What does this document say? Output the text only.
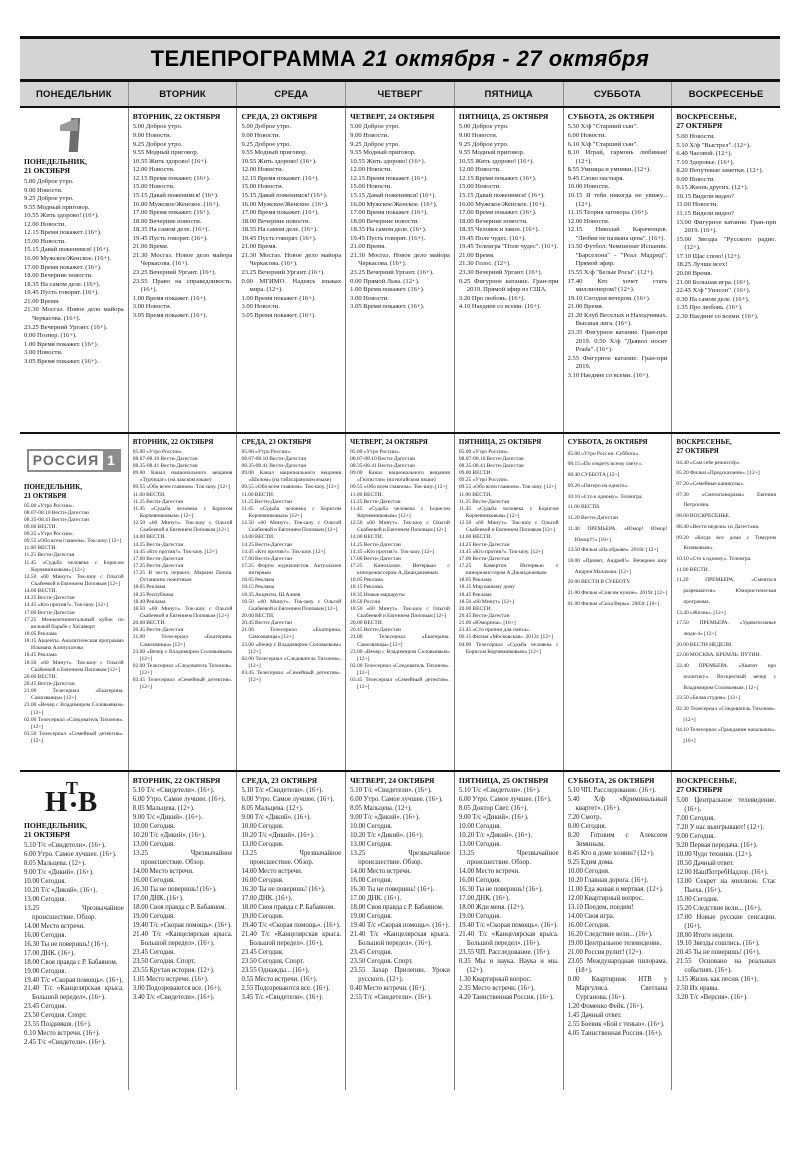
ТЕЛЕПРОГРАММА 21 октября - 27 октября
ПОНЕДЕЛЬНИК	ВТОРНИК	СРЕДА	ЧЕТВЕРГ	ПЯТНИЦА	СУББОТА	ВОСКРЕСЕНЬЕ
ПОНЕДЕЛЬНИК,
21 ОКТЯБРЯ
5.00 Доброе утро.
9.00 Новости.
9.25 Доброе утро.
9.55 Модный приговор.
10.55 Жить здорово! (16+).
12.00 Новости.
12.15 Время покажет. (16+).
15.00 Новости.
15.15 Давай поженимся! (16+).
16.00 Мужское/Женское. (16+).
17.00 Время покажет. (16+).
18.00 Вечерние новости.
18.35 На самом деле. (16+).
19.45 Пусть говорят. (16+).
21.00 Время.
21.30 Мосгаз. Новое дело майора Черкасова. (16+).
23.25 Вечерний Ургант. (16+).
0.00 Познер. (16+).
1.00 Время покажет. (16+).
3.00 Новости.
3.05 Время покажет. (16+).
ВТОРНИК, 22 ОКТЯБРЯ
5.00 Доброе утро.
9.00 Новости.
9.25 Доброе утро.
9.55 Модный приговор.
10.55 Жить здорово! (16+).
12.00 Новости.
12.15 Время покажет. (16+).
15.00 Новости.
15.15 Давай поженимся! (16+).
16.00 Мужское/Женское. (16+).
17.00 Время покажет. (16+).
18.00 Вечерние новости.
18.35 На самом деле. (16+).
19.45 Пусть говорят. (16+).
21.00 Время.
21.30 Мосгаз. Новое дело майора Черкасова. (16+).
23.25 Вечерний Ургант. (16+).
23.55 Право на справедливость. (16+).
1.00 Время покажет. (16+).
3.00 Новости.
3.05 Время покажет. (16+).
СРЕДА, 23 ОКТЯБРЯ
5.00 Доброе утро.
9.00 Новости.
9.25 Доброе утро.
9.55 Модный приговор.
10.55 Жить здорово! (16+).
12.00 Новости.
12.15 Время покажет. (16+).
15.00 Новости.
15.15 Давай поженимся! (16+).
16.00 Мужское/Женское. (16+).
17.00 Время покажет. (16+).
18.00 Вечерние новости.
18.35 На самом деле. (16+).
19.45 Пусть говорят. (16+).
21.00 Время.
21.30 Мосгаз. Новое дело майора Черкасова. (16+).
23.25 Вечерний Ургант. (16+).
0.00 МГИМО. Надеясь языках мира. (12+).
1.00 Время покажет. (16+).
3.00 Новости.
3.05 Время покажет. (16+).
ЧЕТВЕРГ, 24 ОКТЯБРЯ
5.00 Доброе утро.
9.00 Новости.
9.25 Доброе утро.
9.55 Модный приговор.
10.55 Жить здорово! (16+).
12.00 Новости.
12.15 Время покажет. (16+).
15.00 Новости.
15.15 Давай поженимся! (16+).
16.00 Мужское/Женское. (16+).
17.00 Время покажет. (16+).
18.00 Вечерние новости.
18.35 На самом деле. (16+).
19.45 Пусть говорят. (16+).
21.00 Время.
21.30 Мосгаз. Новое дело майора Черкасова. (16+).
23.25 Вечерний Ургант. (16+).
0.00 Прямой Льва. (12+).
1.00 Время покажет. (16+).
3.00 Новости.
3.05 Время покажет. (16+).
ПЯТНИЦА, 25 ОКТЯБРЯ
5.00 Доброе утро.
9.00 Новости.
9.25 Доброе утро.
9.55 Модный приговор.
10.55 Жить здорово! (16+).
12.00 Новости.
12.15 Время покажет. (16+).
15.00 Новости.
15.15 Давай поженимся! (16+).
16.00 Мужское/Женское. (16+).
17.00 Время покажет. (16+).
18.00 Вечерние новости.
18.35 Человек и закон. (16+).
19.45 Поле чудес. (16+).
19.45 Телеигра "Поле чудес". (16+).
21.00 Время.
21.30 Голос. (12+).
23.30 Вечерний Ургант. (16+).
0.25 Фигурное катание. Гран-при 2019. Прямой эфир из США.
3.20 Про любовь. (16+).
4.10 Наедине со всеми. (16+).
СУББОТА, 26 ОКТЯБРЯ
5.30 Х/ф "Старший сын".
6.00 Новости.
6.10 Х/ф "Старший сын".
8.10 Играй, гармонь любимая! (12+).
8.55 Умницы и умники. (12+).
9.45 Слово пастыря.
10.00 Новости.
10.15 Я тебя никогда не увижу... (12+).
11.15 Теория заговора. (16+).
12.00 Новости.
12.15 Николай Караченцов. "Любви не названа цена". (16+).
13.50 Футбол. Чемпионат Испании. "Барселона" - "Реал Мадрид". Прямой эфир.
15.55 Х/ф "Белые Росы". (12+).
17.40 Кто хочет стать миллионером? (12+).
19.10 Сегодня вечером. (16+).
21.00 Время.
21.20 Клуб Веселых и Находчивых. Высшая лига. (16+).
23.35 Фигурное катание. Гран-при 2019. 0.50 Х/ф "Дьявол носит Prada". (16+).
2.55 Фигурное катание. Гран-при 2019.
3.10 Наедине со всеми. (16+).
ВОСКРЕСЕНЬЕ,
27 ОКТЯБРЯ
5.00 Новости.
5.10 Х/ф "Выстрел". (12+).
6.40 Часовой. (12+).
7.10 Здоровье. (16+).
8.20 Непутевые заметки. (12+).
9.00 Новости.
9.15 Жизнь других. (12+).
10.15 Видели видео?
11.00 Новости.
11.15 Видели видео?
13.00 Фигурное катание. Гран-при 2019. (16+).
15.00 Звезды "Русского радио. (12+).
17.10 Щас спою! (12+).
18.25 Лучше всех!
20.00 Время.
21.00 Большая игра. (16+).
22.45 Х/ф "Уилсон". (16+).
0.30 На самом деле. (16+).
1.35 Про любовь. (16+).
2.30 Наедине со всеми. (16+).
РОССИЯ 1
ПОНЕДЕЛЬНИК,
21 ОКТЯБРЯ
05.00 «Утро России».
08.07-08.10 Вести-Дагестан
08.35-08.41 Вести-Дагестан
09.00 ВЕСТИ.
09.25 «Утро России».
09.55 «Обо всем главном». Ток-шоу. [12+]
11.00 ВЕСТИ.
11.25 Вести-Дагестан
11.45 «Судьба человека с Борисом Корчевниковым» [12+]
12.50 «60 Минут». Ток-шоу с Ольгой Скабеевой и Евгением Поповым [12+]
14.00 ВЕСТИ.
14.25 Вести-Дагестан
14.45 «Кто против?». Ток-шоу. [12+]
17.00 Вести-Дагестан
17.25 Межконтинентальный кубок по вольной борьбе с Хасавюрт
18.05 Реклама
18.15 Акценты. Аналитическая программа Ильмана Алипулатова
18.45 Реклама
18.50 «60 Минут». Ток-шоу с Ольгой Скабеевой и Евгением Поповым [12+]
20.00 ВЕСТИ.
20.45 Вести-Дагестан
21.00 Телесериал «Екатерина. Самозванцы» [12+]
23.00 «Вечер с Владимиром Соловьевым» [12+]
02.00 Телесериал «Следователь Тихонов». [12+]
03.50 Телесериал «Семейный детектив». [12+]
ВТОРНИК, 22 ОКТЯБРЯ
05.00 «Утро России».
08.07-08.10 Вести-Дагестан
08.35-08.41 Вести-Дагестан
09.00 Канал национального вещания «Турчидаг» (на лакском языке)
09.55 «Обо всем главном». Ток-шоу. [12+]
11.00 ВЕСТИ.
11.25 Вести-Дагестан
11.45 «Судьба человека с Борисом Корчевниковым» [12+]
12.50 «60 Минут». Ток-шоу с Ольгой Скабеевой и Евгением Поповым [12+]
14.00 ВЕСТИ.
14.25 Вести-Дагестан
14.45 «Кто против?». Ток-шоу. [12+]
17.00 Вести-Дагестан
17.25 Вести-Дагестан
17.25 В честь первого. Маркин Попов. Останкино сюжетным
18.05 Реклама
18.25 Республика
18.40 Реклама
18.50 «60 Минут». Ток-шоу с Ольгой Скабеевой и Евгением Поповым [12+]
20.00 ВЕСТИ.
20.45 Вести-Дагестан
21.00 Телесериал «Екатерина. Самозванцы» [12+]
23.00 «Вечер с Владимиром Соловьевым» [12+]
02.00 Телесериал «Следователь Тихонов». [12+]
03.45 Телесериал «Семейный детектив». [12+]
СРЕДА, 23 ОКТЯБРЯ
05.00 «Утро России».
08.07-08.10 Вести-Дагестан
08.35-08.41 Вести-Дагестан
09.00 Канал национального вещания «Шолом» (на табасаранском языке)
09.55 «Обо всем главном». Ток-шоу. [12+]
11.00 ВЕСТИ.
11.25 Вести-Дагестан
11.45 «Судьба человека с Борисом Корчевниковым» [12+]
12.50 «60 Минут». Ток-шоу с Ольгой Скабеевой и Евгением Поповым [12+]
14.00 ВЕСТИ.
14.25 Вести-Дагестан
14.45 «Кто против?». Ток-шоу. [12+]
17.00 Вести-Дагестан
17.25 Форум журналистов. Актуальное интервью
18.05 Реклама
18.15 Реклама
18.35 Акценты. Ш.Алиев
18.50 «60 Минут». Ток-шоу с Ольгой Скабеевой и Евгением Поповым [12+]
20.00 ВЕСТИ.
20.45 Вести-Дагестан
21.00 Телесериал «Екатерина. Самозванцы» [12+]
23.00 «Вечер с Владимиром Соловьевым» [12+]
02.00 Телесериал «Следователь Тихонов». [12+]
03.45 Телесериал «Семейный детектив». [12+]
ЧЕТВЕРГ, 24 ОКТЯБРЯ
05.00 «Утро России».
08.07-08.10 Вести-Дагестан
08.35-08.41 Вести-Дагестан
09.00 Канал национального вещания «Гюлистан» (на ногайском языке)
09.55 «Обо всем главном». Ток-шоу. [12+]
11.00 ВЕСТИ.
11.25 Вести-Дагестан
11.45 «Судьба человека с Борисом Корчевниковым» [12+]
12.50 «60 Минут». Ток-шоу с Ольгой Скабеевой и Евгением Поповым [12+]
14.00 ВЕСТИ.
14.25 Вести-Дагестан
14.45 «Кто против?». Ток-шоу. [12+]
17.00 Вести-Дагестан
17.25 Кинозалом. Интервью с кинорежиссером А.Джанджиевым
18.05 Реклама
18.15 Реклама
18.35 Новые маршруты
18.50 Россия
18.50 «60 Минут». Ток-шоу с Ольгой Скабеевой и Евгением Поповым [12+]
20.00 ВЕСТИ.
20.45 Вести-Дагестан
21.00 Телесериал «Екатерина. Самозванцы» [12+]
23.00 «Вечер с Владимиром Соловьевым» [12+]
02.00 Телесериал «Следователь Тихонов». [12+]
03.45 Телесериал «Семейный детектив». [12+]
ПЯТНИЦА, 25 ОКТЯБРЯ
05.00 «Утро России».
08.07-08.10 Вести-Дагестан
08.35-08.41 Вести-Дагестан
09.00 ВЕСТИ.
09.25 «Утро России».
09.55 «Обо всем главном». Ток-шоу. [12+]
11.00 ВЕСТИ.
11.25 Вести-Дагестан
11.45 «Судьба человека с Борисом Корчевниковым» [12+]
12.50 «60 Минут». Ток-шоу с Ольгой Скабеевой и Евгением Поповым [12+]
14.00 ВЕСТИ.
14.25 Вести-Дагестан
14.45 «Кто против?». Ток-шоу. [12+]
17.00 Вести-Дагестан
17.25 Камертон. Интервью с кинорежиссером А.Джанджиевым
18.05 Реклама
18.15 Мир вашему дому
18.45 Реклама
18.50 «60 Минут» [12+]
20.00 ВЕСТИ.
20.45 Вести-Дагестан
21.00 «Юморина». [16+]
23.45 «Сто причин для смеха».
00.15 Фильм «Московская». 2013г. [12+]
04.00 Телесериал «Судьба человека с Борисом Корчевниковым» [12+]
СУББОТА, 26 ОКТЯБРЯ
05.00 «Утро России. Суббота».
08.15 «По секрету всему свету».
08.40 СУББОТА [12+]
09.20 «Пятеро на одного».
10.10 «Сто к одному». Телеигра.
11.00 ВЕСТИ.
11.20 Вести-Дагестан
11.40 ПРЕМЬЕРА. «Юмор! Юмор! Юмор!!!» [16+]
13.50 Фильм «На обрыве». 2018г. [12+]
18.00 «Привет, Андрей!». Вечернее шоу Андрея Малахова. [12+]
20.00 ВЕСТИ В СУББОТУ.
21.00 Фильм «Совсем чужие». 2019г. [12+]
01.00 Фильм «Сила Веры». 2003г. [16+]
ВОСКРЕСЕНЬЕ,
27 ОКТЯБРЯ
04.40 «Сам себе режиссёр».
05.20 Фильм «Предсказание». [12+]
07.20 «Семейные каникулы».
07.30 «Смехопанорама» Евгения Петросяна.
08.00 ВОСКРЕСЕНЬЕ.
08.40 «Вести недели» из Дагестана.
09.20 «Когда все дома с Тимуром Кизяковым».
10.10 «Сто к одному». Телеигра.
11.00 ВЕСТИ.
11.20 ПРЕМЬЕРА. «Смеяться разрешается». Юмористическая программа.
13.40 «Жизнь». [12+]
17.50 ПРЕМЬЕРА. «Удивительные люди-4» [12+]
20.00 ВЕСТИ НЕДЕЛИ.
22.00 МОСКВА. КРЕМЛЬ. ПУТИН.
22.40 ПРЕМЬЕРА. «Хватит про политику». Воскресный вечер с Владимиром Соловьевым. [12+]
23.50 «Белая студия». [12+]
02.30 Телесериал «Следователь Тихонов». [12+]
04.10 Телесериал «Гражданин начальник». [16+]
Н
Т В
ПОНЕДЕЛЬНИК,
21 ОКТЯБРЯ
5.10 Т/с «Свидетели». (16+).
6.00 Утро. Самое лучшее. (16+).
8.05 Мальцева. (12+).
9.00 Т/с «Дикий». (16+).
10.00 Сегодня.
10.20 Т/с «Дикий». (16+).
13.00 Сегодня.
13.25 Чрезвычайное происшествие. Обзор.
14.00 Место встречи.
16.00 Сегодня.
16.30 Ты не поверишь! (16+).
17.00 ДНК. (16+).
18.00 Своя правда с Р. Бабаяном.
19.00 Сегодня.
19.40 Т/с «Скорая помощь». (16+).
21.40 Т/с «Канцелярская крыса. Большой передел». (16+).
23.45 Сегодня.
23.50 Сегодня. Спорт.
23.55 Поздняков. (16+).
0.10 Место встречи. (16+).
2.45 Т/с «Свидетели». (16+).
ВТОРНИК, 22 ОКТЯБРЯ
5.10 Т/с «Свидетели». (16+).
6.00 Утро. Самое лучшее. (16+).
8.05 Мальцева. (12+).
9.00 Т/с «Дикий». (16+).
10.00 Сегодня.
10.20 Т/с «Дикий». (16+).
13.00 Сегодня.
13.25 Чрезвычайное происшествие. Обзор.
14.00 Место встречи.
16.00 Сегодня.
16.30 Ты не поверишь! (16+).
17.00 ДНК. (16+).
18.00 Своя правда с Р. Бабаяном.
19.00 Сегодня.
19.40 Т/с «Скорая помощь». (16+).
21.40 Т/с «Канцелярская крыса. Большой передел». (16+).
23.45 Сегодня.
23.50 Сегодня. Спорт.
23.55 Крутая история. (12+).
1.05 Место встречи. (16+).
3.00 Подозреваются все. (16+).
3.40 Т/с «Свидетели». (16+).
СРЕДА, 23 ОКТЯБРЯ
5.10 Т/с «Свидетели». (16+).
6.00 Утро. Самое лучшее. (16+).
8.05 Мальцева. (12+).
9.00 Т/с «Дикий». (16+).
10.00 Сегодня.
10.20 Т/с «Дикий». (16+).
13.00 Сегодня.
13.25 Чрезвычайное происшествие. Обзор.
14.00 Место встречи.
16.00 Сегодня.
16.30 Ты не поверишь! (16+).
17.00 ДНК. (16+).
18.00 Своя правда с Р. Бабаяном.
19.00 Сегодня.
19.40 Т/с «Скорая помощь». (16+).
21.40 Т/с «Канцелярская крыса. Большой передел». (16+).
23.45 Сегодня.
23.50 Сегодня. Спорт.
23.55 Однажды... (16+).
0.55 Место встречи. (16+).
2.55 Подозреваются все. (16+).
3.45 Т/с «Свидетели». (16+).
ЧЕТВЕРГ, 24 ОКТЯБРЯ
5.10 Т/с «Свидетели». (16+).
6.00 Утро. Самое лучшее. (16+).
8.05 Мальцева. (12+).
9.00 Т/с «Дикий». (16+).
10.00 Сегодня.
10.20 Т/с «Дикий». (16+).
13.00 Сегодня.
13.25 Чрезвычайное происшествие. Обзор.
14.00 Место встречи.
16.00 Сегодня.
16.30 Ты не поверишь! (16+).
17.00 ДНК. (16+).
18.00 Своя правда с Р. Бабаяном.
19.00 Сегодня.
19.40 Т/с «Скорая помощь». (16+).
21.40 Т/с «Канцелярская крыса. Большой передел». (16+).
23.45 Сегодня.
23.50 Сегодня. Спорт.
23.55 Захар Прилепин. Уроки русского. (12+).
0.40 Место встречи. (16+).
2.55 Т/с «Свидетели». (16+).
ПЯТНИЦА, 25 ОКТЯБРЯ
5.10 Т/с «Свидетели». (16+).
6.00 Утро. Самое лучшее. (16+).
8.05 Доктор Свет. (16+).
9.00 Т/с «Дикий». (16+).
10.00 Сегодня.
10.20 Т/с «Дикий». (16+).
13.00 Сегодня.
13.25 Чрезвычайное происшествие. Обзор.
14.00 Место встречи.
16.00 Сегодня.
16.30 Ты не поверишь! (16+).
17.00 ДНК. (16+).
18.00 Жди меня. (12+).
19.00 Сегодня.
19.40 Т/с «Скорая помощь». (16+).
21.40 Т/с «Канцелярская крыса. Большой передел». (16+).
23.55 ЧП. Расследование. (16+).
0.35 Мы и наука. Наука и мы. (12+).
1.30 Квартирный вопрос.
2.35 Место встречи. (16+).
4.20 Таинственная Россия. (16+).
СУББОТА, 26 ОКТЯБРЯ
5.10 ЧП. Расследование. (16+).
5.40 Х/ф «Криминальный квартет». (16+).
7.20 Смотр.
8.00 Сегодня.
8.20 Готовим с Алексеем Зиминым.
8.45 Кто в доме хозяин? (12+).
9.25 Едим дома.
10.00 Сегодня.
10.20 Главная дорога. (16+).
11.00 Еда живая и мертвая. (12+).
12.00 Квартирный вопрос.
13.10 Поедем, поедим!
14.00 Своя игра.
16.00 Сегодня.
16.20 Следствие вели... (16+).
19.00 Центральное телевидение.
21.00 Россия рулит! (12+).
23.05 Международная пилорама. (18+).
0.00 Квартирник НТВ у Маргулиса. Светлана Сурганова. (16+).
1.20 Фоменко Фейк. (16+).
1.45 Дачный ответ.
2.55 Боевик «Бой с тенью». (16+).
4.05 Таинственная Россия. (16+).
ВОСКРЕСЕНЬЕ,
27 ОКТЯБРЯ
5.00 Центральное телевидение. (16+).
7.00 Сегодня.
7.20 У нас выигрывают! (12+).
9.00 Сегодня.
9.20 Первая передача. (16+).
10.00 Чудо техники. (12+).
10.50 Дачный ответ.
12.00 НашПотребНадзор. (16+).
13.00 Секрет на миллион. Стас Пьеха. (16+).
15.00 Сегодня.
15.20 Следствие вели... (16+).
17.00 Новые русские сенсации. (16+).
18.00 Итоги недели.
19.10 Звезды сошлись. (16+).
20.45 Ты не поверишь! (16+).
21.55 Основано на реальных событиях. (16+).
1.15 Жизнь как песня. (16+).
2.50 Их нравы.
3.20 Т/с «Версия». (16+).
